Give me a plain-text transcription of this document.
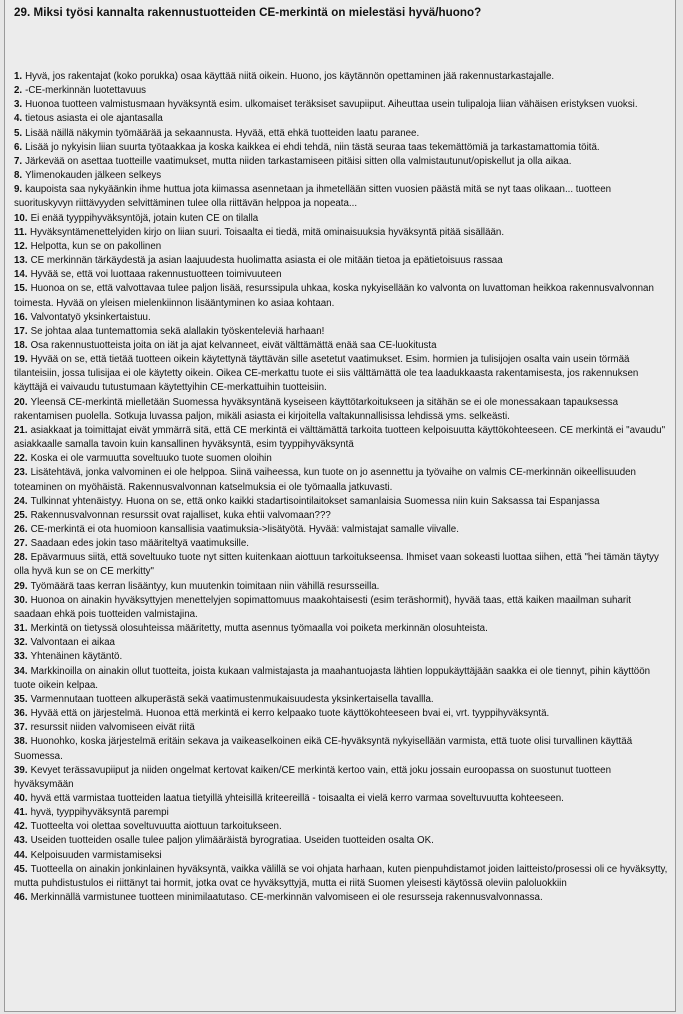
29. Miksi työsi kannalta rakennustuotteiden CE-merkintä on mielestäsi hyvä/huono?
1. Hyvä, jos rakentajat (koko porukka) osaa käyttää niitä oikein. Huono, jos käytännön opettaminen jää rakennustarkastajalle.
2. -CE-merkinnän luotettavuus
3. Huonoa tuotteen valmistusmaan hyväksyntä esim. ulkomaiset teräksiset savupiiput. Aiheuttaa usein tulipaloja liian vähäisen eristyksen vuoksi.
4. tietous asiasta ei ole ajantasalla
5. Lisää näillä näkymin työmäärää ja sekaannusta. Hyvää, että ehkä tuotteiden laatu paranee.
6. Lisää jo nykyisin liian suurta työtaakkaa ja koska kaikkea ei ehdi tehdä, niin tästä seuraa taas tekemättömiä ja tarkastamattomia töitä.
7. Järkevää on asettaa tuotteille vaatimukset, mutta niiden tarkastamiseen pitäisi sitten olla valmistautunut/opiskellut ja olla aikaa.
8. Ylimenokauden jälkeen selkeys
9. kaupoista saa nykyäänkin ihme huttua jota kiimassa asennetaan ja ihmetellään sitten vuosien päästä mitä se nyt taas olikaan... tuotteen suorituskyvyn riittävyyden selvittäminen tulee olla riittävän helppoa ja nopeata...
10. Ei enää tyyppihyväksyntöjä, jotain kuten CE on tilalla
11. Hyväksyntämenettelyiden kirjo on liian suuri. Toisaalta ei tiedä, mitä ominaisuuksia hyväksyntä pitää sisällään.
12. Helpotta, kun se on pakollinen
13. CE merkinnän tärkäydestä ja asian laajuudesta huolimatta asiasta ei ole mitään tietoa ja epätietoisuus rassaa
14. Hyvää se, että voi luottaaa rakennustuotteen toimivuuteen
15. Huonoa on se, että valvottavaa tulee paljon lisää, resurssipula uhkaa, koska nykyisellään ko valvonta on luvattoman heikkoa rakennusvalvonnan toimesta. Hyvää on yleisen mielenkiinnon lisääntyminen ko asiaa kohtaan.
16. Valvontatyö yksinkertaistuu.
17. Se johtaa alaa tuntemattomia sekä alallakin työskenteleviä harhaan!
18. Osa rakennustuotteista joita on iät ja ajat kelvanneet, eivät välttämättä enää saa CE-luokitusta
19. Hyvää on se, että tietää tuotteen oikein käytettynä täyttävän sille asetetut vaatimukset. Esim. hormien ja tulisijojen osalta vain usein törmää tilanteisiin, jossa tulisijaa ei ole käytetty oikein. Oikea CE-merkattu tuote ei siis välttämättä ole tea laadukkaasta rakentamisesta, jos rakennuksen käyttäjä ei vaivaudu tutustumaan käytettyihin CE-merkattuihin tuotteisiin.
20. Yleensä CE-merkintä mielletään Suomessa hyväksyntänä kyseiseen käyttötarkoitukseen ja sitähän se ei ole monessakaan tapauksessa rakentamisen puolella. Sotkuja luvassa paljon, mikäli asiasta ei kirjoitella valtakunnallisissa lehdissä yms. selkeästi.
21. asiakkaat ja toimittajat eivät ymmärrä sitä, että CE merkintä ei välttämättä tarkoita tuotteen kelpoisuutta käyttökohteeseen. CE merkintä ei "avaudu" asiakkaalle samalla tavoin kuin kansallinen hyväksyntä, esim tyyppihyväksyntä
22. Koska ei ole varmuutta soveltuuko tuote suomen oloihin
23. Lisätehtävä, jonka valvominen ei ole helppoa. Siinä vaiheessa, kun tuote on jo asennettu ja työvaihe on valmis CE-merkinnän oikeellisuuden toteaminen on myöhäistä. Rakennusvalvonnan katselmuksia ei ole työmaalla jatkuvasti.
24. Tulkinnat yhtenäistyy. Huona on se, että onko kaikki stadartisointilaitokset samanlaisia Suomessa niin kuin Saksassa tai Espanjassa
25. Rakennusvalvonnan resurssit ovat rajalliset, kuka ehtii valvomaan???
26. CE-merkintä ei ota huomioon kansallisia vaatimuksia->lisätyötä. Hyvää: valmistajat samalle viivalle.
27. Saadaan edes jokin taso määriteltyä vaatimuksille.
28. Epävarmuus siitä, että soveltuuko tuote nyt sitten kuitenkaan aiottuun tarkoitukseensa. Ihmiset vaan sokeasti luottaa siihen, että "hei tämän täytyy olla hyvä kun se on CE merkitty"
29. Työmäärä taas kerran lisääntyy, kun muutenkin toimitaan niin vähillä resursseilla.
30. Huonoa on ainakin hyväksyttyjen menettelyjen sopimattomuus maakohtaisesti (esim teräshormit), hyvää taas, että kaiken maailman suharit saadaan ehkä pois tuotteiden valmistajina.
31. Merkintä on tietyssä olosuhteissa määritetty, mutta asennus työmaalla voi poiketa merkinnän olosuhteista.
32. Valvontaan ei aikaa
33. Yhtenäinen käytäntö.
34. Markkinoilla on ainakin ollut tuotteita, joista kukaan valmistajasta ja maahantuojasta lähtien loppukäyttäjään saakka ei ole tiennyt, pihin käyttöön tuote oikein kelpaa.
35. Varmennutaan tuotteen alkuperästä sekä vaatimustenmukaisuudesta yksinkertaisella tavallla.
36. Hyvää että on järjestelmä. Huonoa että merkintä ei kerro kelpaako tuote käyttökohteeseen bvai ei, vrt. tyyppihyväksyntä.
37. resurssit niiden valvomiseen eivät riitä
38. Huonohko, koska järjestelmä eritäin sekava ja vaikeaselkoinen eikä CE-hyväksyntä nykyisellään varmista, että tuote olisi turvallinen käyttää Suomessa.
39. Kevyet terässavupiiput ja niiden ongelmat kertovat kaiken/CE merkintä kertoo vain, että joku jossain euroopassa on suostunut tuotteen hyväksymään
40. hyvä että varmistaa tuotteiden laatua tietyillä yhteisillä kriteereillä - toisaalta ei vielä kerro varmaa soveltuvuutta kohteeseen.
41. hyvä, tyyppihyväksyntä parempi
42. Tuotteelta voi olettaa soveltuvuutta aiottuun tarkoitukseen.
43. Useiden tuotteiden osalle tulee paljon ylimääräistä byrogratiaa. Useiden tuotteiden osalta OK.
44. Kelpoisuuden varmistamiseksi
45. Tuotteella on ainakin jonkinlainen hyväksyntä, vaikka välillä se voi ohjata harhaan, kuten pienpuhdistamot joiden laitteisto/prosessi oli ce hyväksytty, mutta puhdistustulos ei riittänyt tai hormit, jotka ovat ce hyväksyttyjä, mutta ei riitä Suomen yleisesti käytössä oleviin paloluokkiin
46. Merkinnällä varmistunee tuotteen minimilaatutaso. CE-merkinnän valvomiseen ei ole resurssejа rakennusvalvonnassa.
